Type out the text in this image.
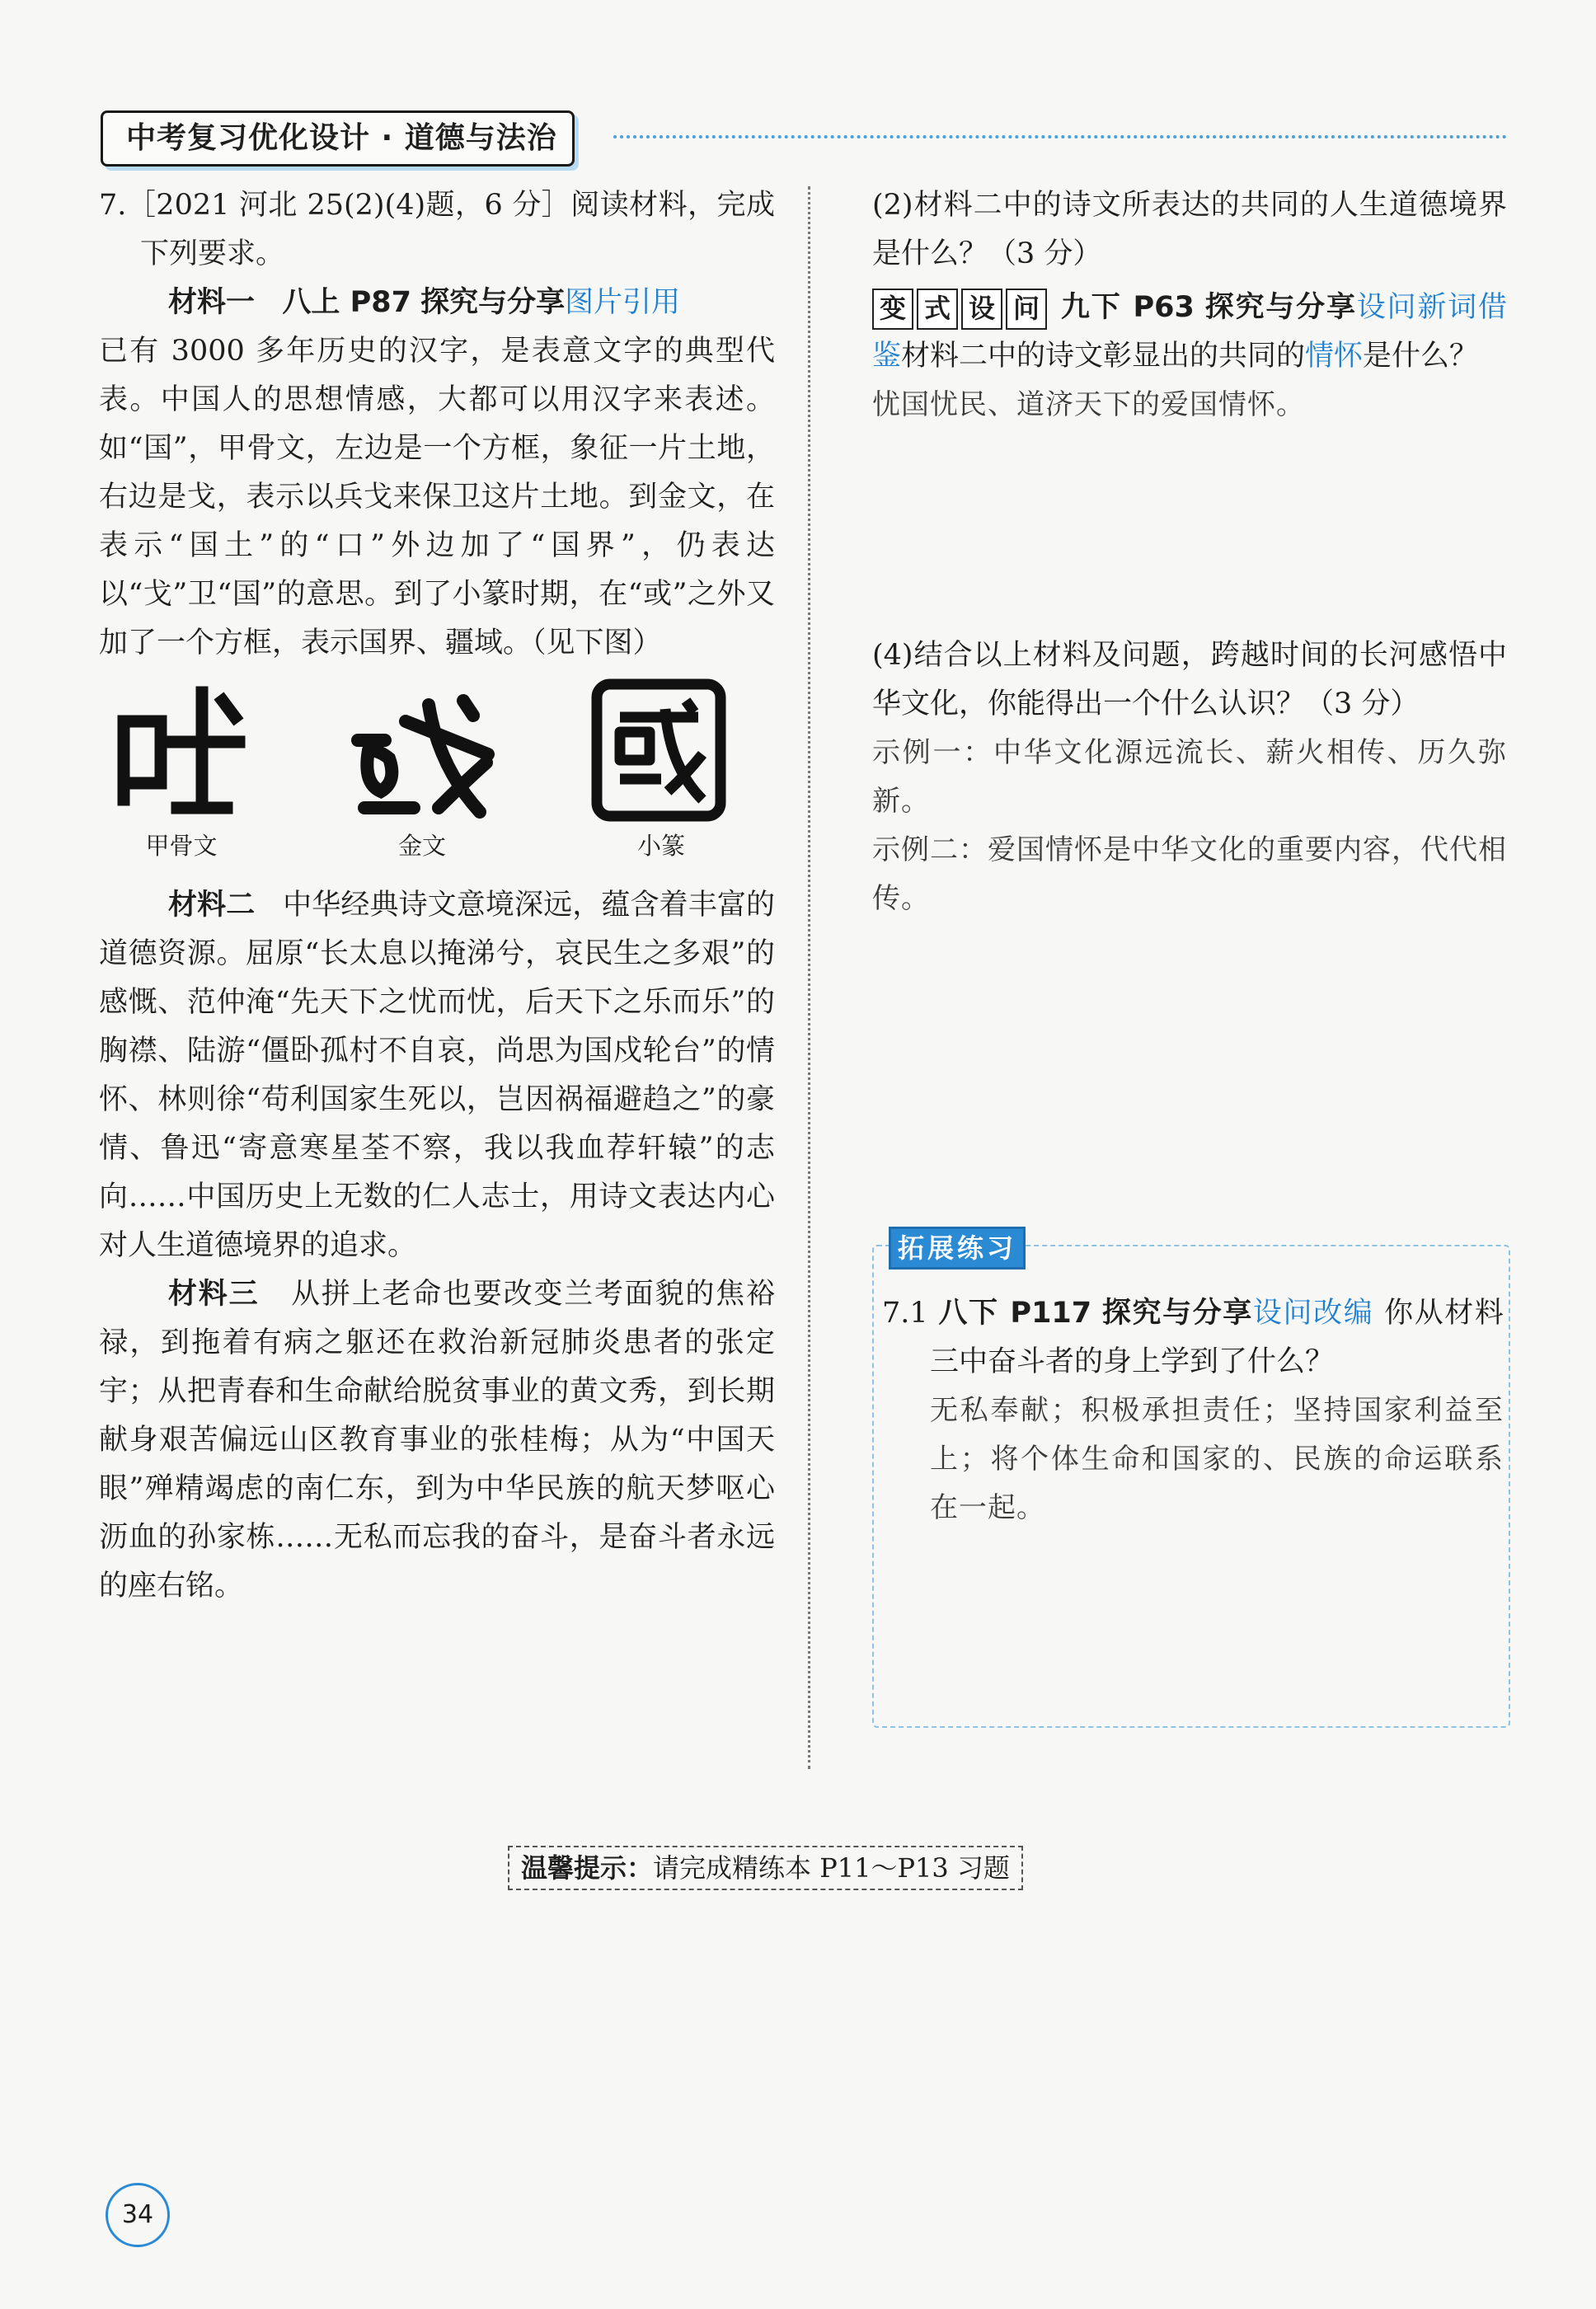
中考复习优化设计 · 道德与法治

7.［2021 河北 25(2)(4)题，6 分］阅读材料，完成下列要求。

材料一 八上 P87 探究与分享图片引用

已有 3000 多年历史的汉字，是表意文字的典型代表。中国人的思想情感，大都可以用汉字来表述。如“国”，甲骨文，左边是一个方框，象征一片土地，右边是戈，表示以兵戈来保卫这片土地。到金文，在表示“国土”的“口”外边加了“国界”，仍表达以“戈”卫“国”的意思。到了小篆时期，在“或”之外又加了一个方框，表示国界、疆域。（见下图）

甲骨文	金文	小篆

材料二 中华经典诗文意境深远，蕴含着丰富的道德资源。屈原“长太息以掩涕兮，哀民生之多艰”的感慨、范仲淹“先天下之忧而忧，后天下之乐而乐”的胸襟、陆游“僵卧孤村不自哀，尚思为国戍轮台”的情怀、林则徐“苟利国家生死以，岂因祸福避趋之”的豪情、鲁迅“寄意寒星荃不察，我以我血荐轩辕”的志向……中国历史上无数的仁人志士，用诗文表达内心对人生道德境界的追求。

材料三 从拼上老命也要改变兰考面貌的焦裕禄，到拖着有病之躯还在救治新冠肺炎患者的张定宇；从把青春和生命献给脱贫事业的黄文秀，到长期献身艰苦偏远山区教育事业的张桂梅；从为“中国天眼”殚精竭虑的南仁东，到为中华民族的航天梦呕心沥血的孙家栋……无私而忘我的奋斗，是奋斗者永远的座右铭。

(2)材料二中的诗文所表达的共同的人生道德境界是什么？（3 分）

变 式 设 问 九下 P63 探究与分享设问新词借鉴材料二中的诗文彰显出的共同的情怀是什么？

忧国忧民、道济天下的爱国情怀。

(4)结合以上材料及问题，跨越时间的长河感悟中华文化，你能得出一个什么认识？（3 分）

示例一：中华文化源远流长、薪火相传、历久弥新。

示例二：爱国情怀是中华文化的重要内容，代代相传。

拓展练习

7.1 八下 P117 探究与分享设问改编 你从材料三中奋斗者的身上学到了什么？

无私奉献；积极承担责任；坚持国家利益至上；将个体生命和国家的、民族的命运联系在一起。

温馨提示：请完成精练本 P11～P13 习题
34
